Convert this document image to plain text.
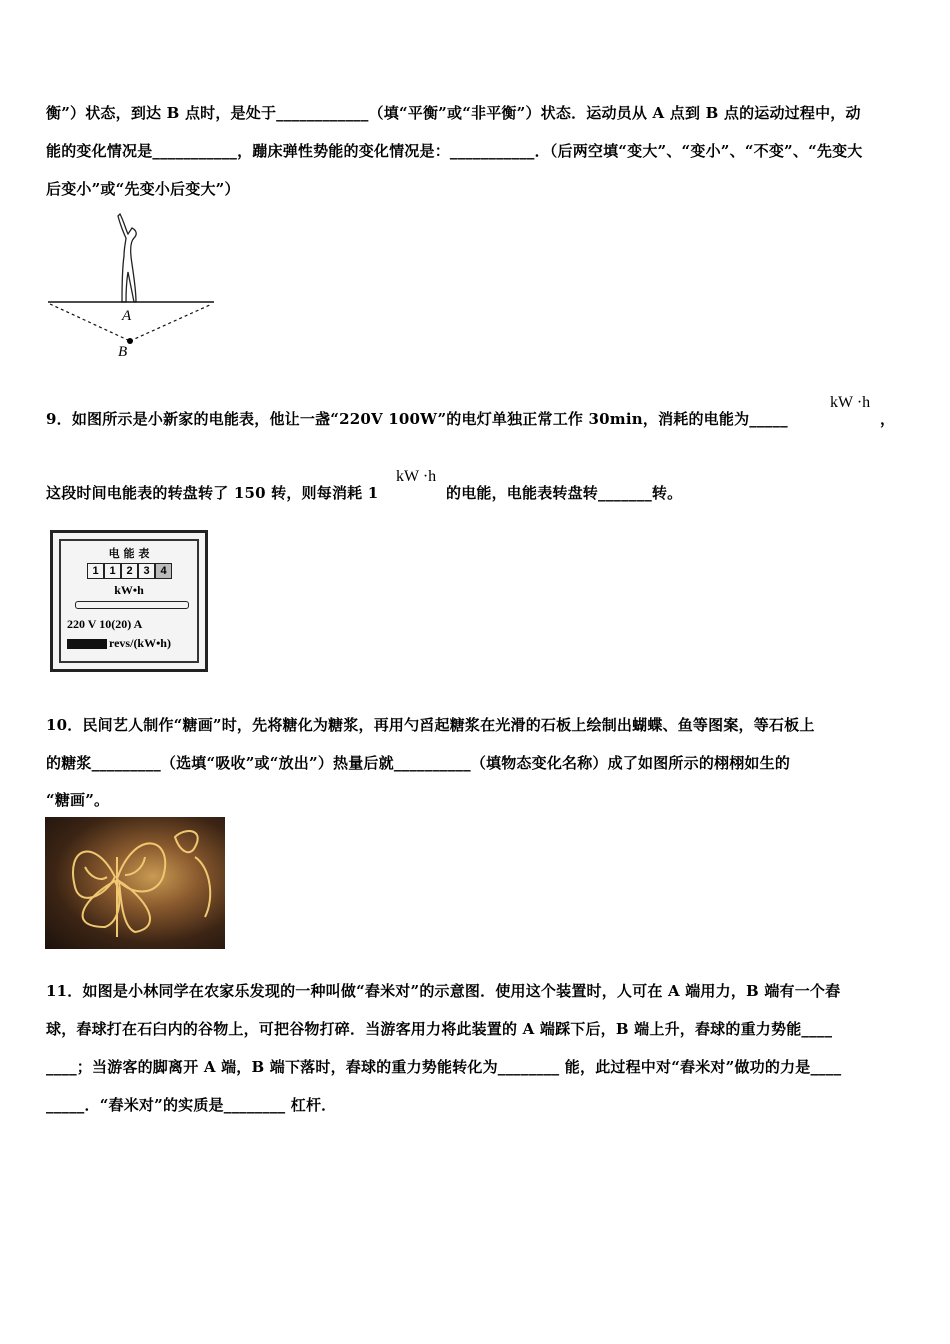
衡”）状态，到达 B 点时，是处于____________（填“平衡”或“非平衡”）状态．运动员从 A 点到 B 点的运动过程中，动
能的变化情况是___________，蹦床弹性势能的变化情况是：___________．（后两空填“变大”、“变小”、“不变”、“先变大
后变小”或“先变小后变大”）
A
B
9．如图所示是小新家的电能表，他让一盏“220V 100W”的电灯单独正常工作 30min，消耗的电能为_____
kW ·h
，
这段时间电能表的转盘转了 150 转，则每消耗 1
kW ·h
的电能，电能表转盘转_______转。
电 能 表
1 1 2 3 4
kW•h
220 V 10(20) A
revs/(kW•h)
10．民间艺人制作“糖画”时，先将糖化为糖浆，再用勺舀起糖浆在光滑的石板上绘制出蝴蝶、鱼等图案，等石板上
的糖浆_________（选填“吸收”或“放出”）热量后就__________（填物态变化名称）成了如图所示的栩栩如生的
“糖画”。
11．如图是小林同学在农家乐发现的一种叫做“舂米对”的示意图．使用这个装置时，人可在 A 端用力，B 端有一个舂
球，舂球打在石臼内的谷物上，可把谷物打碎．当游客用力将此装置的 A 端踩下后，B 端上升，舂球的重力势能____
____；当游客的脚离开 A 端，B 端下落时，舂球的重力势能转化为________ 能，此过程中对“舂米对”做功的力是____
_____．“舂米对”的实质是________ 杠杆．
